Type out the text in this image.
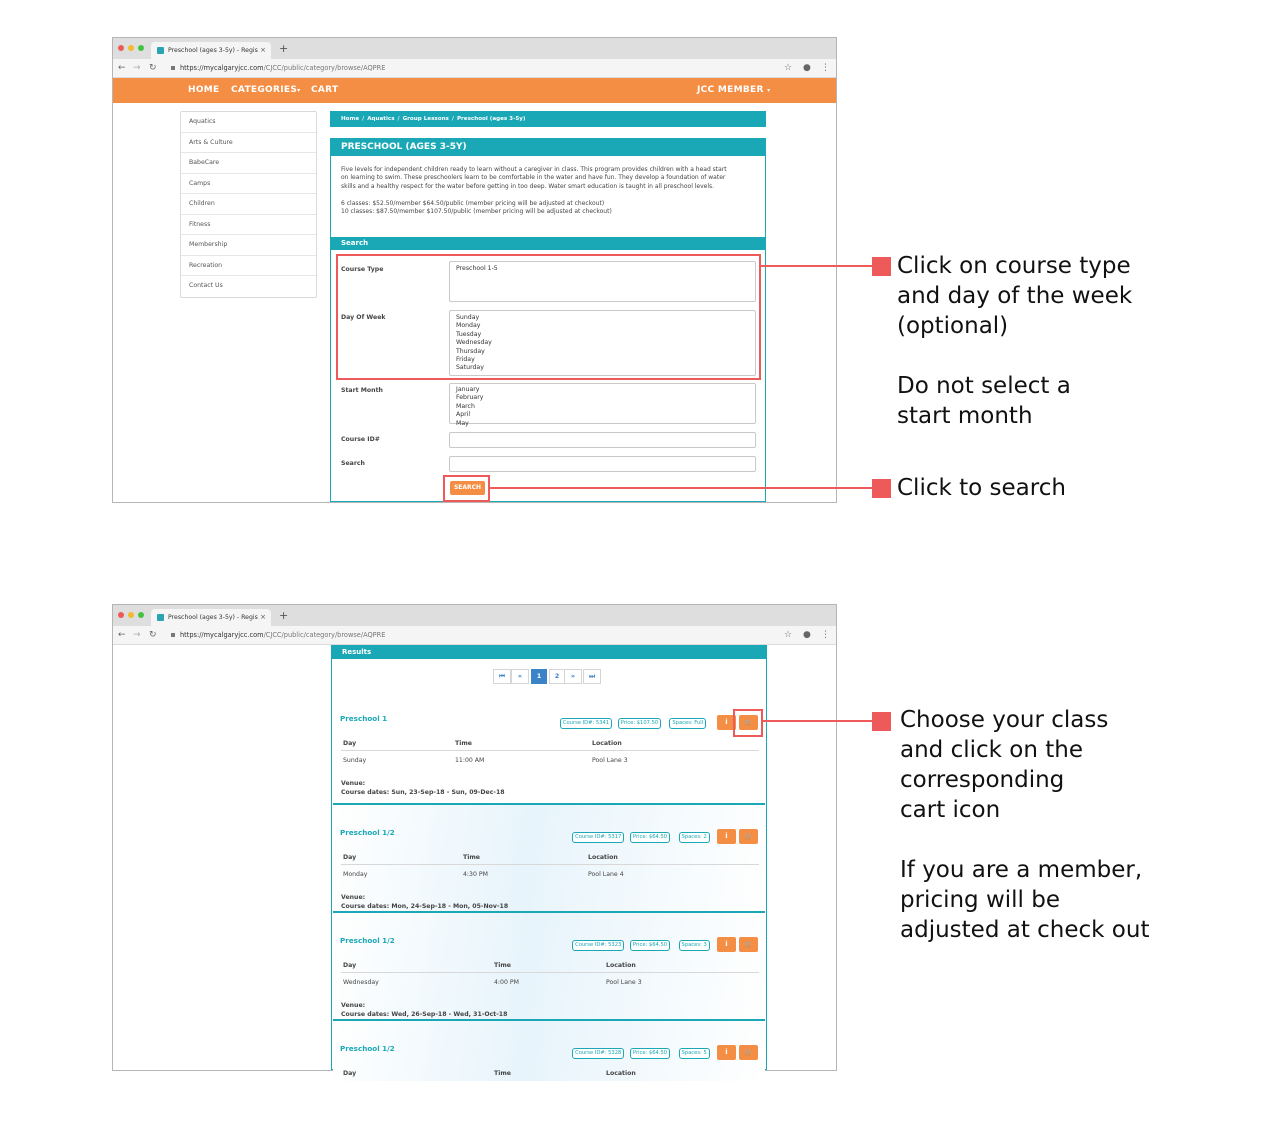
Preschool (ages 3-5y) - Regis × +
← → ↻	https://mycalgaryjcc.com/CJCC/public/category/browse/AQPRE	☆ ● ⋮
HOME CATEGORIES▾ CART	JCC MEMBER ▾
Aquatics
Arts & Culture
BabeCare
Camps
Children
Fitness
Membership
Recreation
Contact Us
Home / Aquatics / Group Lessons / Preschool (ages 3-5y)
PRESCHOOL (AGES 3-5Y)
Five levels for independent children ready to learn without a caregiver in class. This program provides children with a head start
on learning to swim. These preschoolers learn to be comfortable in the water and have fun. They develop a foundation of water
skills and a healthy respect for the water before getting in too deep. Water smart education is taught in all preschool levels.
6 classes: $52.50/member $64.50/public (member pricing will be adjusted at checkout)
10 classes: $87.50/member $107.50/public (member pricing will be adjusted at checkout)
Search
Course Type	Preschool 1-5
Day Of Week	Sunday
Monday
Tuesday
Wednesday
Thursday
Friday
Saturday
Start Month	January
February
March
April
May
Course ID#
Search
SEARCH
Preschool (ages 3-5y) - Regis × +
← → ↻	https://mycalgaryjcc.com/CJCC/public/category/browse/AQPRE	☆ ● ⋮
Results
⏮	«	1	2	»	⏭
Preschool 1	Course ID#: 5341	Price: $107.50	Spaces: Full	i	🛒
Day	Time	Location
Sunday	11:00 AM	Pool Lane 3
Venue:
Course dates: Sun, 23-Sep-18 - Sun, 09-Dec-18
Preschool 1/2	Course ID#: 5317	Price: $64.50	Spaces: 2	i	🛒
Day	Time	Location
Monday	4:30 PM	Pool Lane 4
Venue:
Course dates: Mon, 24-Sep-18 - Mon, 05-Nov-18
Preschool 1/2	Course ID#: 5323	Price: $64.50	Spaces: 3	i	🛒
Day	Time	Location
Wednesday	4:00 PM	Pool Lane 3
Venue:
Course dates: Wed, 26-Sep-18 - Wed, 31-Oct-18
Preschool 1/2	Course ID#: 5328	Price: $64.50	Spaces: 5	i	🛒
Day	Time	Location
Click on course type
and day of the week
(optional)
Do not select a
start month
Click to search
Choose your class
and click on the
corresponding
cart icon
If you are a member,
pricing will be
adjusted at check out
